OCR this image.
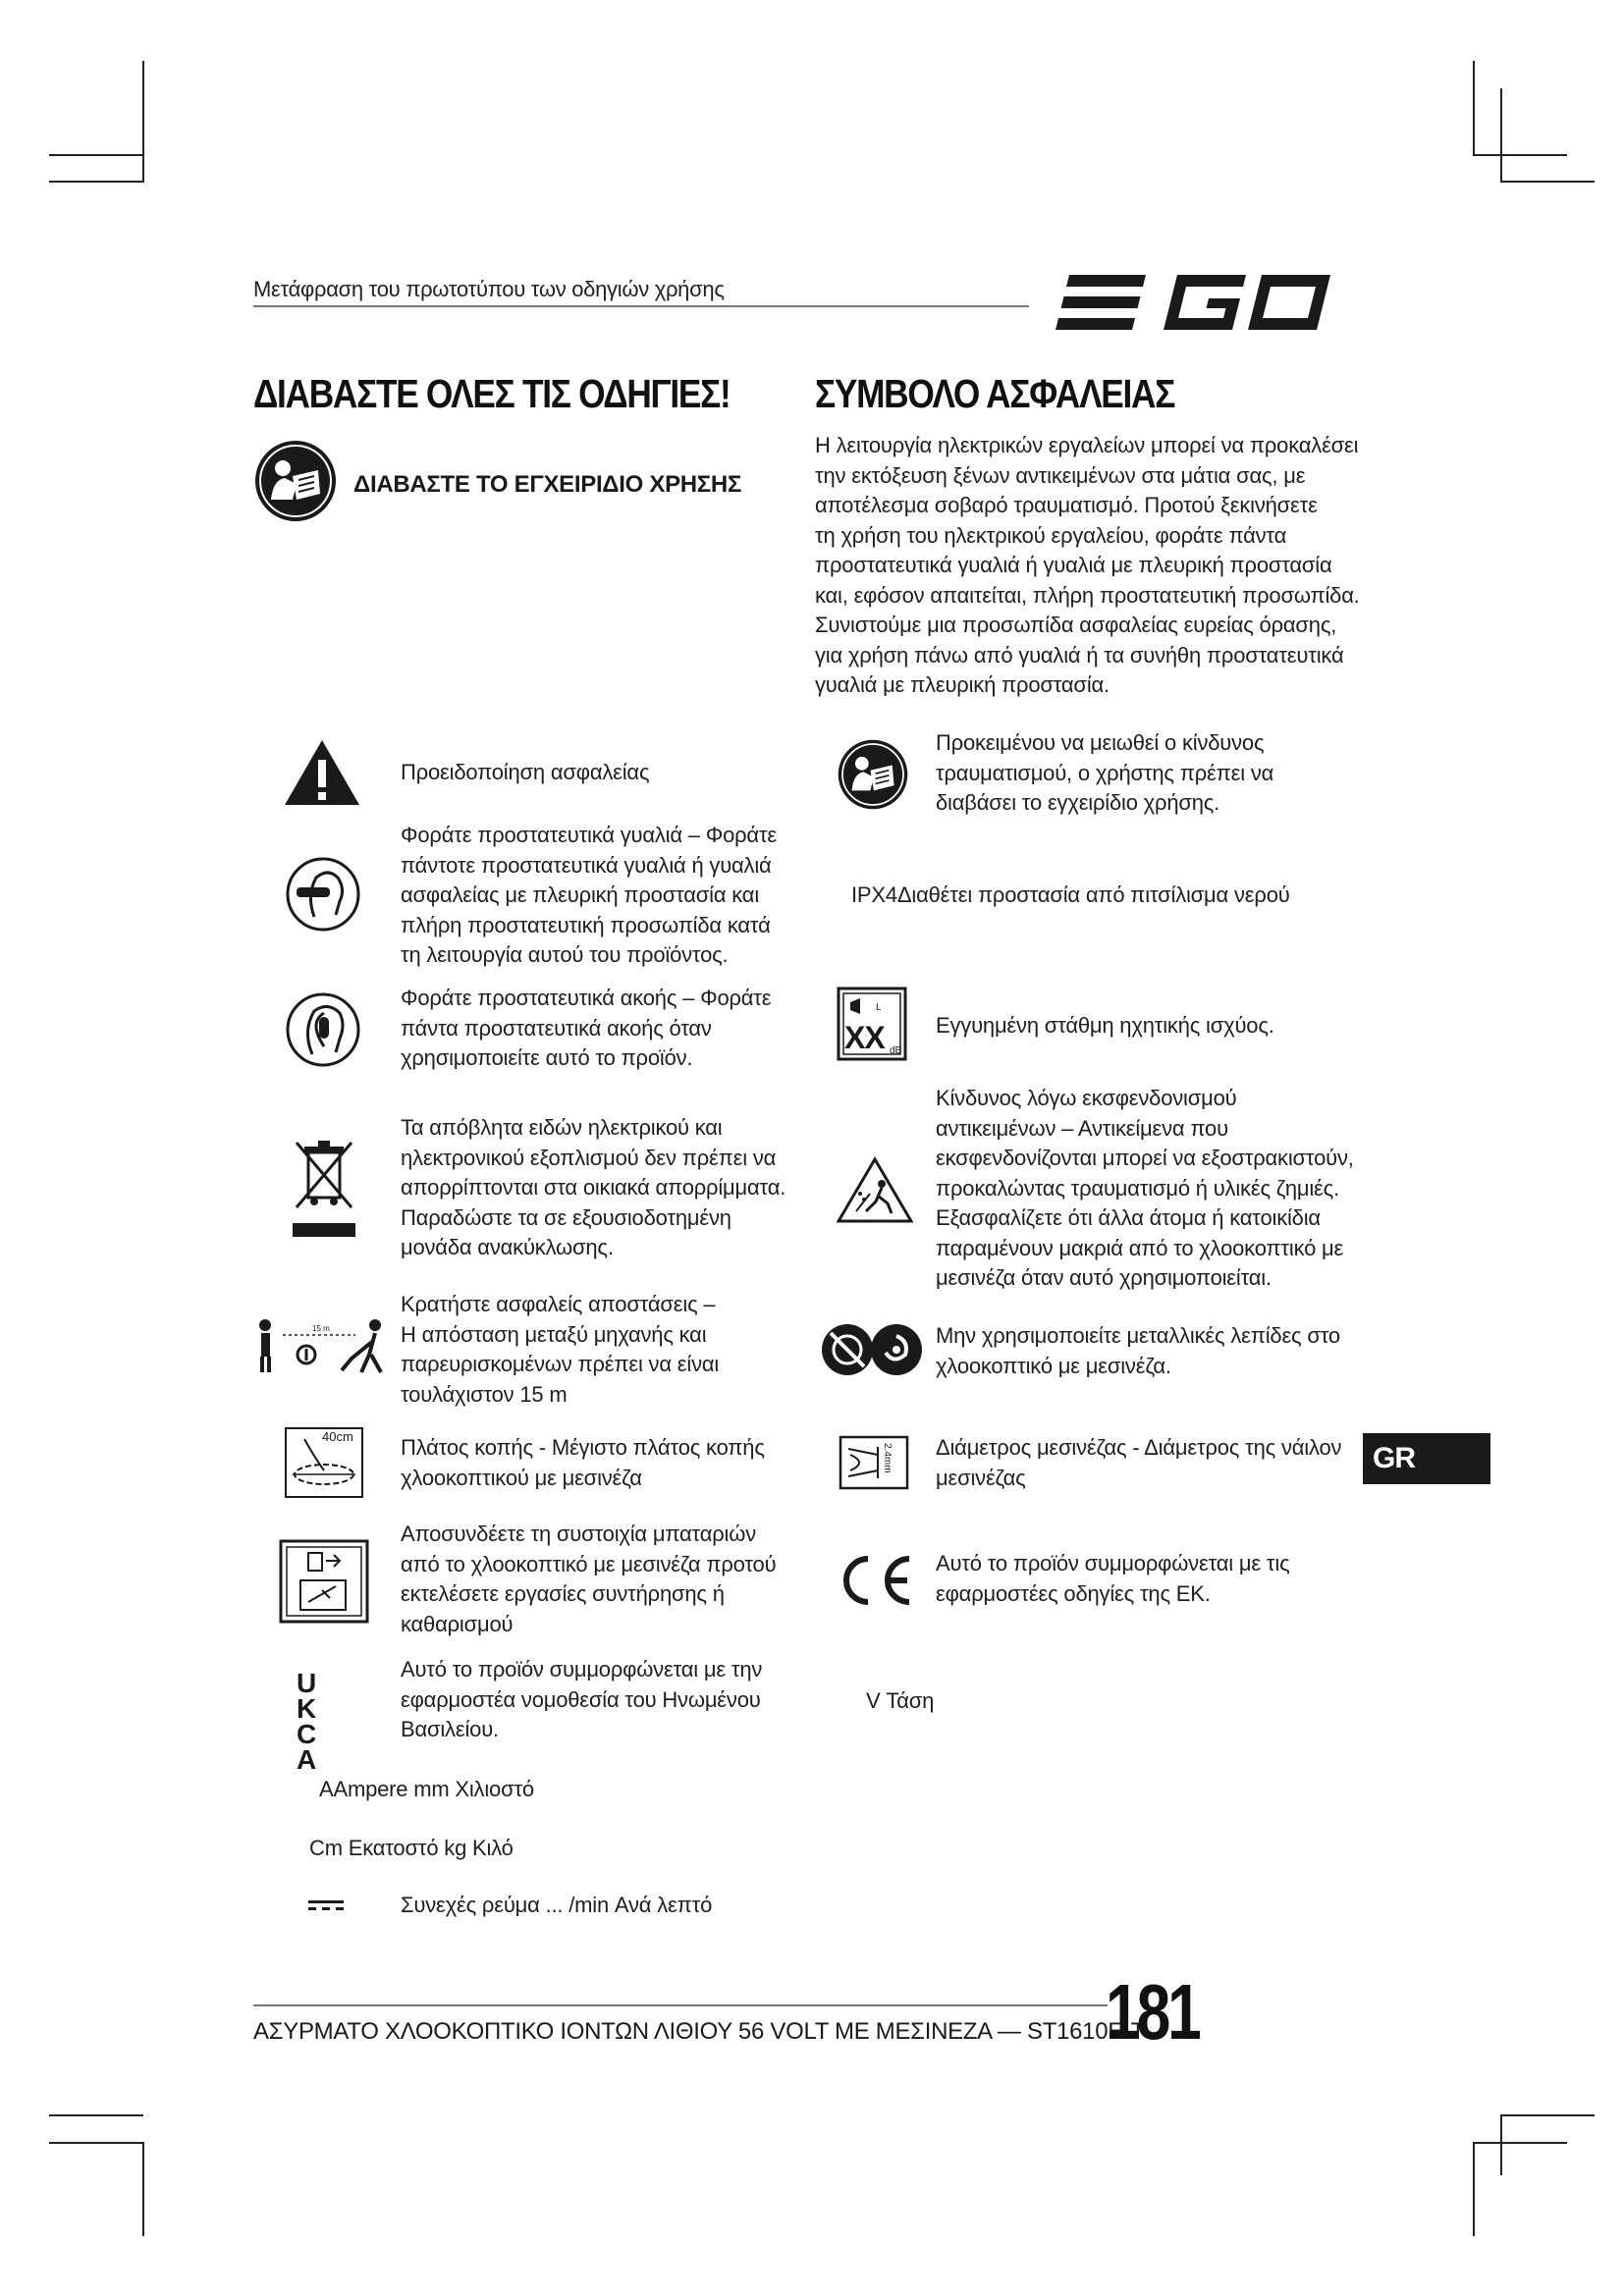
Μετάφραση του πρωτοτύπου των οδηγιών χρήσης
ΔΙΑΒΑΣΤΕ ΟΛΕΣ ΤΙΣ ΟΔΗΓΙΕΣ!
ΔΙΑΒΑΣΤΕ ΤΟ ΕΓΧΕΙΡΙΔΙΟ ΧΡΗΣΗΣ
ΣΥΜΒΟΛΟ ΑΣΦΑΛΕΙΑΣ
Η λειτουργία ηλεκτρικών εργαλείων μπορεί να προκαλέσει
την εκτόξευση ξένων αντικειμένων στα μάτια σας, με
αποτέλεσμα σοβαρό τραυματισμό. Προτού ξεκινήσετε
τη χρήση του ηλεκτρικού εργαλείου, φοράτε πάντα
προστατευτικά γυαλιά ή γυαλιά με πλευρική προστασία
και, εφόσον απαιτείται, πλήρη προστατευτική προσωπίδα.
Συνιστούμε μια προσωπίδα ασφαλείας ευρείας όρασης,
για χρήση πάνω από γυαλιά ή τα συνήθη προστατευτικά
γυαλιά με πλευρική προστασία.
Προειδοποίηση ασφαλείας
Φοράτε προστατευτικά γυαλιά – Φοράτε
πάντοτε προστατευτικά γυαλιά ή γυαλιά
ασφαλείας με πλευρική προστασία και
πλήρη προστατευτική προσωπίδα κατά
τη λειτουργία αυτού του προϊόντος.
Φοράτε προστατευτικά ακοής – Φοράτε
πάντα προστατευτικά ακοής όταν
χρησιμοποιείτε αυτό το προϊόν.
Τα απόβλητα ειδών ηλεκτρικού και
ηλεκτρονικού εξοπλισμού δεν πρέπει να
απορρίπτονται στα οικιακά απορρίμματα.
Παραδώστε τα σε εξουσιοδοτημένη
μονάδα ανακύκλωσης.
15 m
Κρατήστε ασφαλείς αποστάσεις –
Η απόσταση μεταξύ μηχανής και
παρευρισκομένων πρέπει να είναι
τουλάχιστον 15 m
40cm Πλάτος κοπής - Μέγιστο πλάτος κοπής
χλοοκοπτικού με μεσινέζα
Αποσυνδέετε τη συστοιχία μπαταριών
από το χλοοκοπτικό με μεσινέζα προτού
εκτελέσετε εργασίες συντήρησης ή
καθαρισμού
UK CA
Αυτό το προϊόν συμμορφώνεται με την
εφαρμοστέα νομοθεσία του Ηνωμένου
Βασιλείου.
Προκειμένου να μειωθεί ο κίνδυνος
τραυματισμού, ο χρήστης πρέπει να
διαβάσει το εγχειρίδιο χρήσης.
IPX4Διαθέτει προστασία από πιτσίλισμα νερού
L
dB
XX Εγγυημένη στάθμη ηχητικής ισχύος.
Κίνδυνος λόγω εκσφενδονισμού
αντικειμένων – Αντικείμενα που
εκσφενδονίζονται μπορεί να εξοστρακιστούν,
προκαλώντας τραυματισμό ή υλικές ζημιές.
Εξασφαλίζετε ότι άλλα άτομα ή κατοικίδια
παραμένουν μακριά από το χλοοκοπτικό με
μεσινέζα όταν αυτό χρησιμοποιείται.
Μην χρησιμοποιείτε μεταλλικές λεπίδες στο
χλοοκοπτικό με μεσινέζα.
2.4mm Διάμετρος μεσινέζας - Διάμετρος της νάιλον
μεσινέζας
Αυτό το προϊόν συμμορφώνεται με τις
εφαρμοστέες οδηγίες της ΕΚ.
V Τάση
AAmpere mm Χιλιοστό
Cm Εκατοστό kg Κιλό
Συνεχές ρεύμα ... /min Ανά λεπτό
GR
ΑΣΥΡΜΑΤΟ ΧΛΟΟΚΟΠΤΙΚΟ ΙΟΝΤΩΝ ΛΙΘΙΟΥ 56 VOLT ΜΕ ΜΕΣΙΝΕΖΑ — ST1610E-T
181
